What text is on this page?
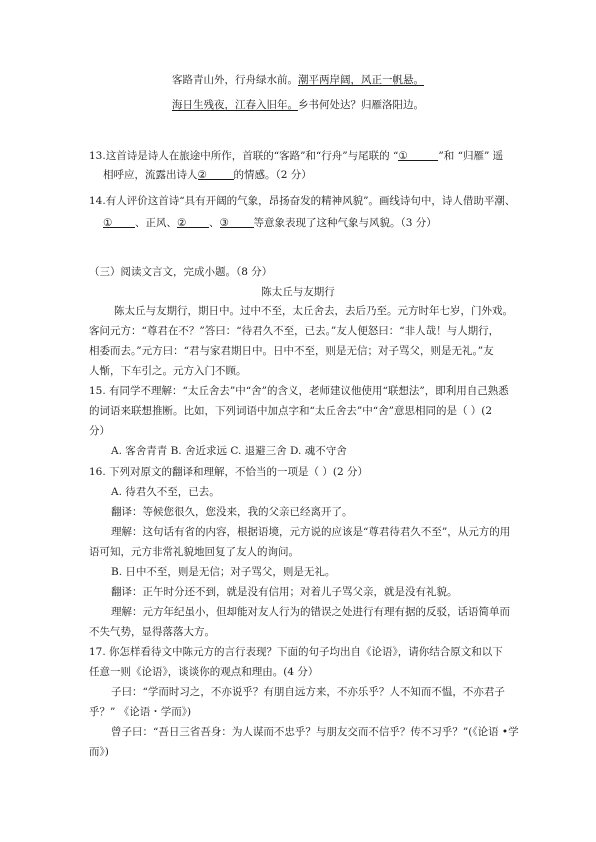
客路青山外，行舟绿水前。潮平两岸阔，风正一帆悬。
海日生残夜，江春入旧年。乡书何处达？归雁洛阳边。
13.这首诗是诗人在旅途中所作，首联的“客路”和“行舟”与尾联的 “①	”和 “归雁” 遥
相呼应，流露出诗人②	的情感。（2 分）
14.有人评价这首诗“具有开阔的气象，昂扬奋发的精神风貌”。画线诗句中，诗人借助平潮、
① 、正风、② 、③ 等意象表现了这种气象与风貌。（3 分）
（三）阅读文言文，完成小题。（8 分）
陈太丘与友期行
陈太丘与友期行，期日中。过中不至，太丘舍去，去后乃至。元方时年七岁，门外戏。
客问元方：“尊君在不？”答曰：“待君久不至，已去。”友人便怒曰：“非人哉！与人期行，
相委而去。”元方曰：“君与家君期日中。日中不至，则是无信；对子骂父，则是无礼。”友
人惭，下车引之。元方入门不顾。
15. 有同学不理解：“太丘舍去”中“舍”的含义，老师建议他使用“联想法”，即利用自己熟悉
的词语来联想推断。比如，下列词语中加点字和“太丘舍去”中“舍”意思相同的是（ ）(2
分）
A. 客舍青青 B. 舍近求远 C. 退避三舍 D. 魂不守舍
16. 下列对原文的翻译和理解，不恰当的一项是（ ）(2 分）
A. 待君久不至，已去。
翻译：等候您很久，您没来，我的父亲已经离开了。
理解：这句话有省的内容，根据语境，元方说的应该是“尊君待君久不至”，从元方的用
语可知，元方非常礼貌地回复了友人的询问。
B. 日中不至，则是无信；对子骂父，则是无礼。
翻译：正午时分还不到，就是没有信用；对着儿子骂父亲，就是没有礼貌。
理解：元方年纪虽小，但却能对友人行为的错误之处进行有理有据的反驳，话语简单而
不失气势，显得落落大方。
17. 你怎样看待文中陈元方的言行表现？下面的句子均出自《论语》，请你结合原文和以下
任意一则《论语》，谈谈你的观点和理由。(4 分）
子曰：“学而时习之，不亦说乎？有朋自远方来，不亦乐乎？人不知而不愠，不亦君子
乎？” 《论语・学而》)
曾子曰：“吾日三省吾身：为人谋而不忠乎？与朋友交而不信乎？传不习乎？”(《论语 •学
而》)
